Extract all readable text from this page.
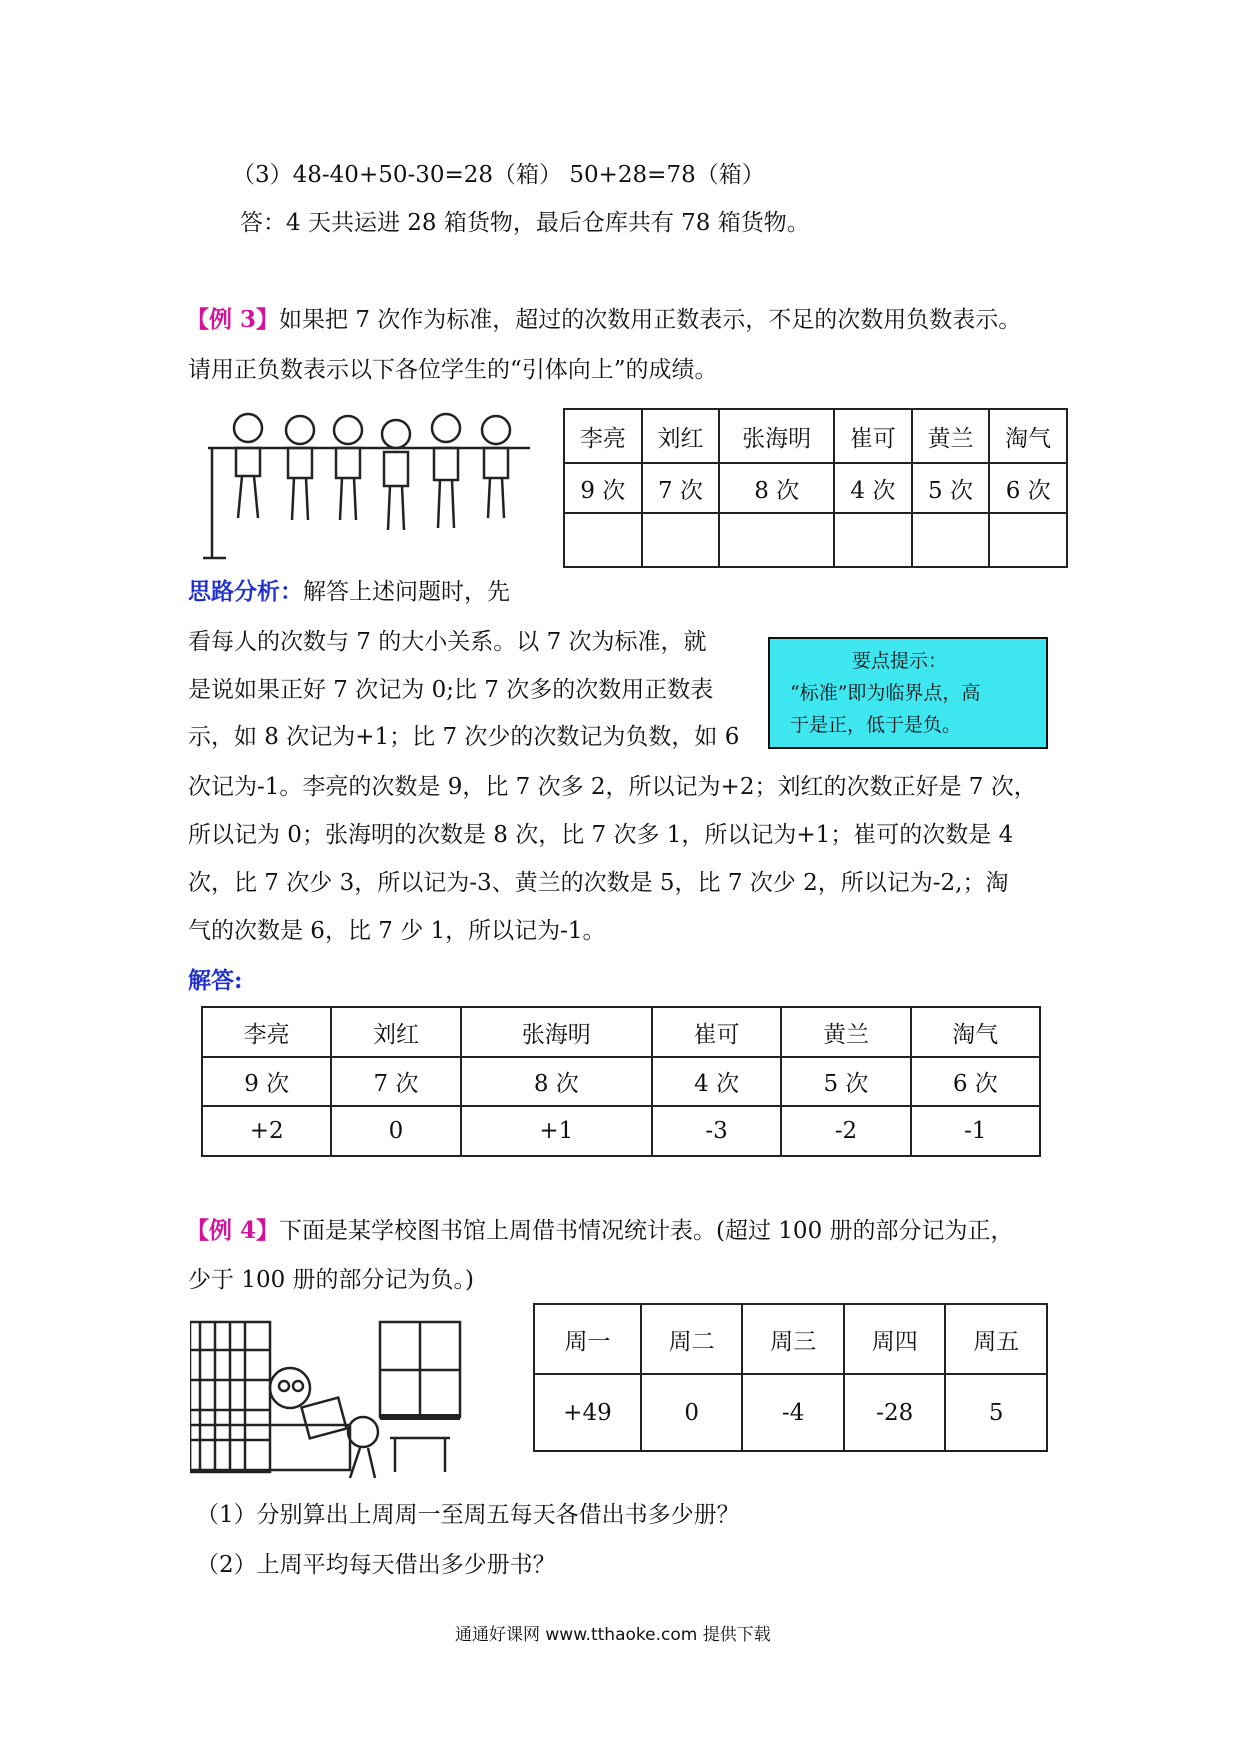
（3）48-40+50-30=28（箱） 50+28=78（箱）
答：4 天共运进 28 箱货物，最后仓库共有 78 箱货物。
【例 3】如果把 7 次作为标准，超过的次数用正数表示，不足的次数用负数表示。
请用正负数表示以下各位学生的“引体向上”的成绩。
李亮	刘红	张海明	崔可	黄兰	淘气
9 次	7 次	8 次	4 次	5 次	6 次

思路分析：解答上述问题时，先
看每人的次数与 7 的大小关系。以 7 次为标准，就
是说如果正好 7 次记为 0;比 7 次多的次数用正数表
示，如 8 次记为+1；比 7 次少的次数记为负数，如 6
次记为-1。李亮的次数是 9，比 7 次多 2，所以记为+2；刘红的次数正好是 7 次，
所以记为 0；张海明的次数是 8 次，比 7 次多 1，所以记为+1；崔可的次数是 4
次，比 7 次少 3，所以记为-3、黄兰的次数是 5，比 7 次少 2，所以记为-2,；淘
气的次数是 6，比 7 少 1，所以记为-1。
要点提示：
“标准”即为临界点，高
于是正，低于是负。
解答:
李亮	刘红	张海明	崔可	黄兰	淘气
9 次	7 次	8 次	4 次	5 次	6 次
+2	0	+1	-3	-2	-1
【例 4】下面是某学校图书馆上周借书情况统计表。(超过 100 册的部分记为正，
少于 100 册的部分记为负。)
周一	周二	周三	周四	周五
+49	0	-4	-28	5
（1）分别算出上周周一至周五每天各借出书多少册？
（2）上周平均每天借出多少册书？
通通好课网 www.tthaoke.com 提供下载
